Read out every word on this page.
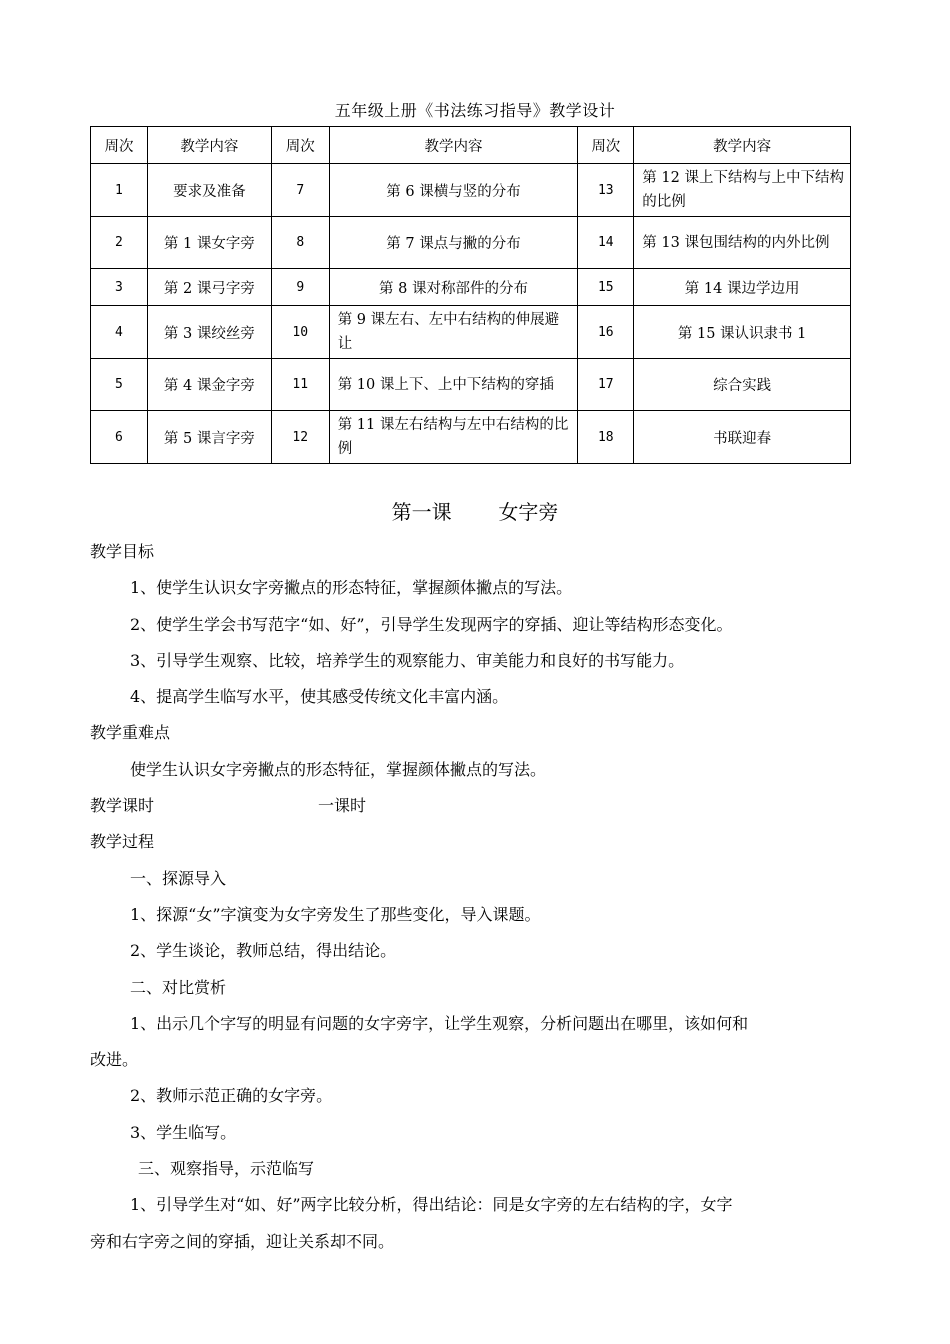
五年级上册《书法练习指导》教学设计
周次	教学内容	周次	教学内容	周次	教学内容
1	要求及准备	7	第 6 课横与竖的分布	13	第 12 课上下结构与上中下结构的比例
2	第 1 课女字旁	8	第 7 课点与撇的分布	14	第 13 课包围结构的内外比例
3	第 2 课弓字旁	9	第 8 课对称部件的分布	15	第 14 课边学边用
4	第 3 课绞丝旁	10	第 9 课左右、左中右结构的伸展避让	16	第 15 课认识隶书 1
5	第 4 课金字旁	11	第 10 课上下、上中下结构的穿插	17	综合实践
6	第 5 课言字旁	12	第 11 课左右结构与左中右结构的比例	18	书联迎春
第一课 女字旁
教学目标
1、使学生认识女字旁撇点的形态特征，掌握颜体撇点的写法。
2、使学生学会书写范字“如、好”，引导学生发现两字的穿插、迎让等结构形态变化。
3、引导学生观察、比较，培养学生的观察能力、审美能力和良好的书写能力。
4、提高学生临写水平，使其感受传统文化丰富内涵。
教学重难点
使学生认识女字旁撇点的形态特征，掌握颜体撇点的写法。
教学课时	一课时
教学过程
一、探源导入
1、探源“女”字演变为女字旁发生了那些变化，导入课题。
2、学生谈论，教师总结，得出结论。
二、对比赏析
1、出示几个字写的明显有问题的女字旁字，让学生观察，分析问题出在哪里，该如何和
改进。
2、教师示范正确的女字旁。
3、学生临写。
三、观察指导，示范临写
1、引导学生对“如、好”两字比较分析，得出结论：同是女字旁的左右结构的字，女字
旁和右字旁之间的穿插，迎让关系却不同。
